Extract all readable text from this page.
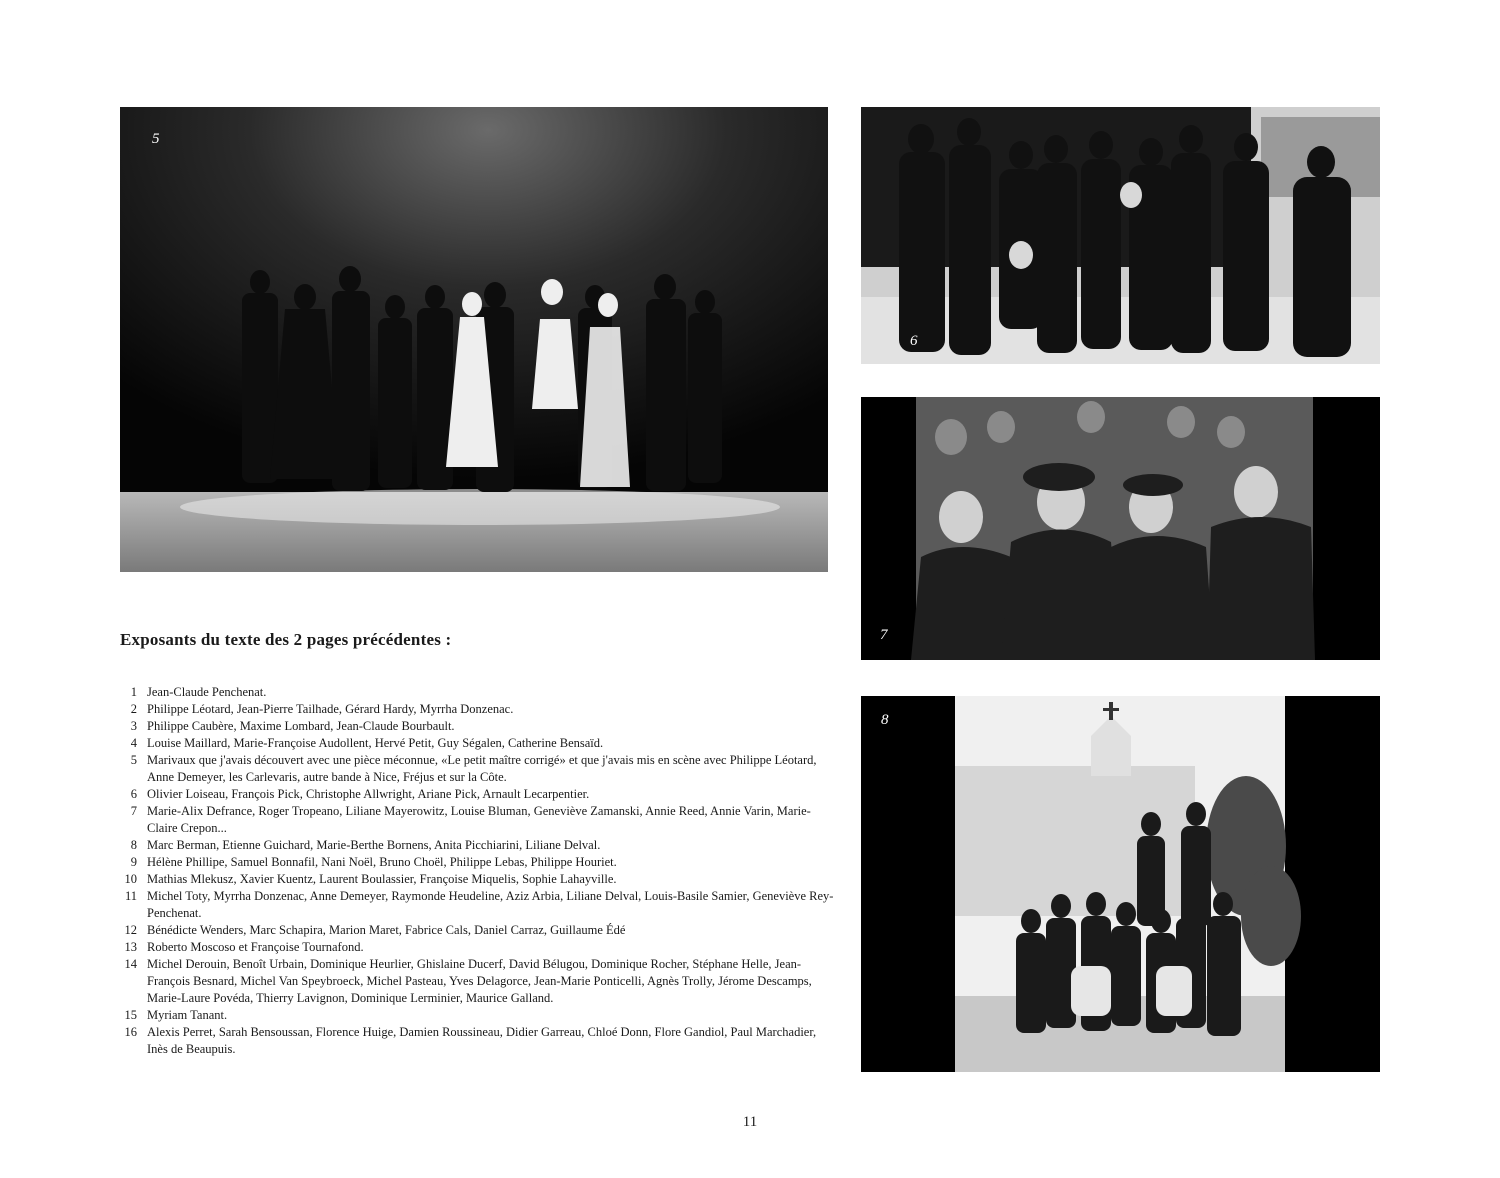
5
6
7
8
Exposants du texte des 2 pages précédentes :
1 Jean-Claude Penchenat.
2 Philippe Léotard, Jean-Pierre Tailhade, Gérard Hardy, Myrrha Donzenac.
3 Philippe Caubère, Maxime Lombard, Jean-Claude Bourbault.
4 Louise Maillard, Marie-Françoise Audollent, Hervé Petit, Guy Ségalen, Catherine Bensaïd.
5 Marivaux que j'avais découvert avec une pièce méconnue, «Le petit maître corrigé» et que j'avais mis en scène avec Philippe Léotard, Anne Demeyer, les Carlevaris, autre bande à Nice, Fréjus et sur la Côte.
6 Olivier Loiseau, François Pick, Christophe Allwright, Ariane Pick, Arnault Lecarpentier.
7 Marie-Alix Defrance, Roger Tropeano, Liliane Mayerowitz, Louise Bluman, Geneviève Zamanski, Annie Reed, Annie Varin, Marie-Claire Crepon...
8 Marc Berman, Etienne Guichard, Marie-Berthe Bornens, Anita Picchiarini, Liliane Delval.
9 Hélène Phillipe, Samuel Bonnafil, Nani Noël, Bruno Choël, Philippe Lebas, Philippe Houriet.
10 Mathias Mlekusz, Xavier Kuentz, Laurent Boulassier, Françoise Miquelis, Sophie Lahayville.
11 Michel Toty, Myrrha Donzenac, Anne Demeyer, Raymonde Heudeline, Aziz Arbia, Liliane Delval, Louis-Basile Samier, Geneviève Rey-Penchenat.
12 Bénédicte Wenders, Marc Schapira, Marion Maret, Fabrice Cals, Daniel Carraz, Guillaume Édé
13 Roberto Moscoso et Françoise Tournafond.
14 Michel Derouin, Benoît Urbain, Dominique Heurlier, Ghislaine Ducerf, David Bélugou, Dominique Rocher, Stéphane Helle, Jean-François Besnard, Michel Van Speybroeck, Michel Pasteau, Yves Delagorce, Jean-Marie Ponticelli, Agnès Trolly, Jérome Descamps, Marie-Laure Povéda, Thierry Lavignon, Dominique Lerminier, Maurice Galland.
15 Myriam Tanant.
16 Alexis Perret, Sarah Bensoussan, Florence Huige, Damien Roussineau, Didier Garreau, Chloé Donn, Flore Gandiol, Paul Marchadier, Inès de Beaupuis.
11
